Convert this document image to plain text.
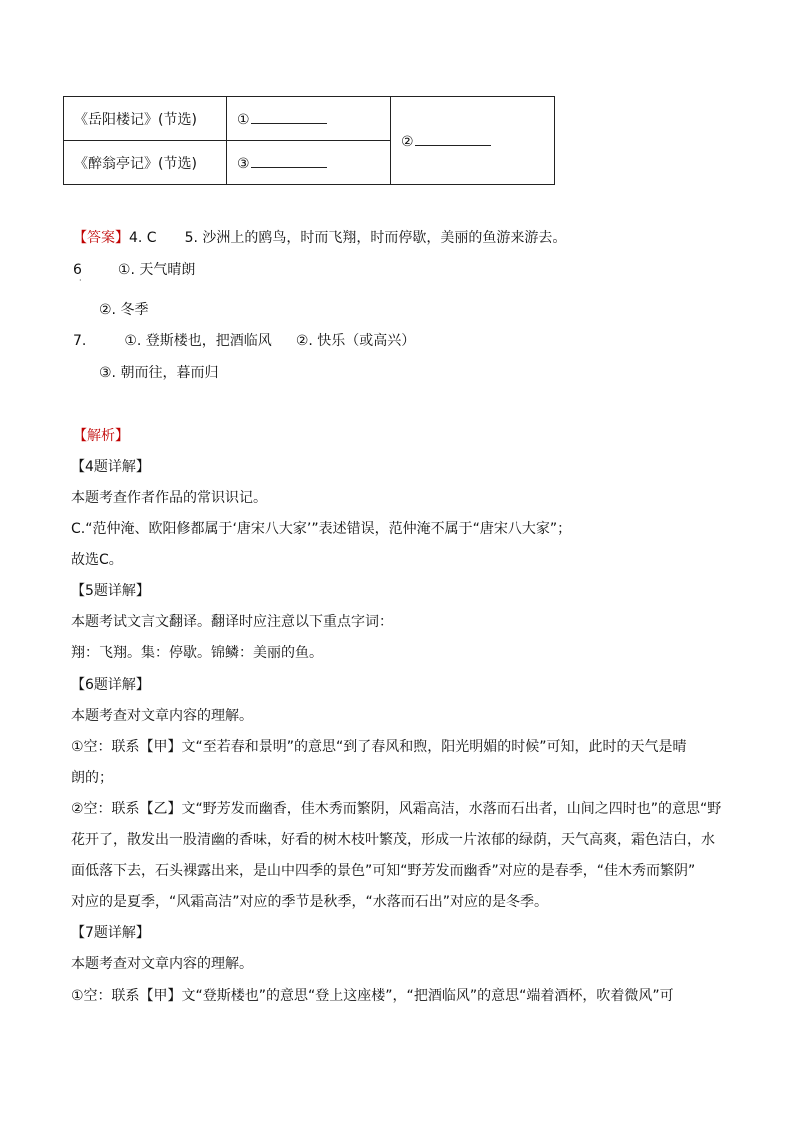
《岳阳楼记》(节选)	①	②
《醉翁亭记》(节选)	③	
【答案】4. C 5. 沙洲上的鸥鸟，时而飞翔，时而停歇，美丽的鱼游来游去。
6	①. 天气晴朗
·
②. 冬季
7.	①. 登斯楼也，把酒临风 ②. 快乐（或高兴）
③. 朝而往，暮而归
【解析】
【4题详解】
本题考查作者作品的常识识记。
C.“范仲淹、欧阳修都属于‘唐宋八大家’”表述错误，范仲淹不属于“唐宋八大家”；
故选C。
【5题详解】
本题考试文言文翻译。翻译时应注意以下重点字词：
翔：飞翔。集：停歇。锦鳞：美丽的鱼。
【6题详解】
本题考查对文章内容的理解。
①空：联系【甲】文“至若春和景明”的意思“到了春风和煦，阳光明媚的时候”可知，此时的天气是晴
朗的；
②空：联系【乙】文“野芳发而幽香，佳木秀而繁阴，风霜高洁，水落而石出者，山间之四时也”的意思“野
花开了，散发出一股清幽的香味，好看的树木枝叶繁茂，形成一片浓郁的绿荫，天气高爽，霜色洁白，水
面低落下去，石头裸露出来，是山中四季的景色”可知“野芳发而幽香”对应的是春季，“佳木秀而繁阴”
对应的是夏季，“风霜高洁”对应的季节是秋季，“水落而石出”对应的是冬季。
【7题详解】
本题考查对文章内容的理解。
①空：联系【甲】文“登斯楼也”的意思“登上这座楼”，“把酒临风”的意思“端着酒杯，吹着微风”可
